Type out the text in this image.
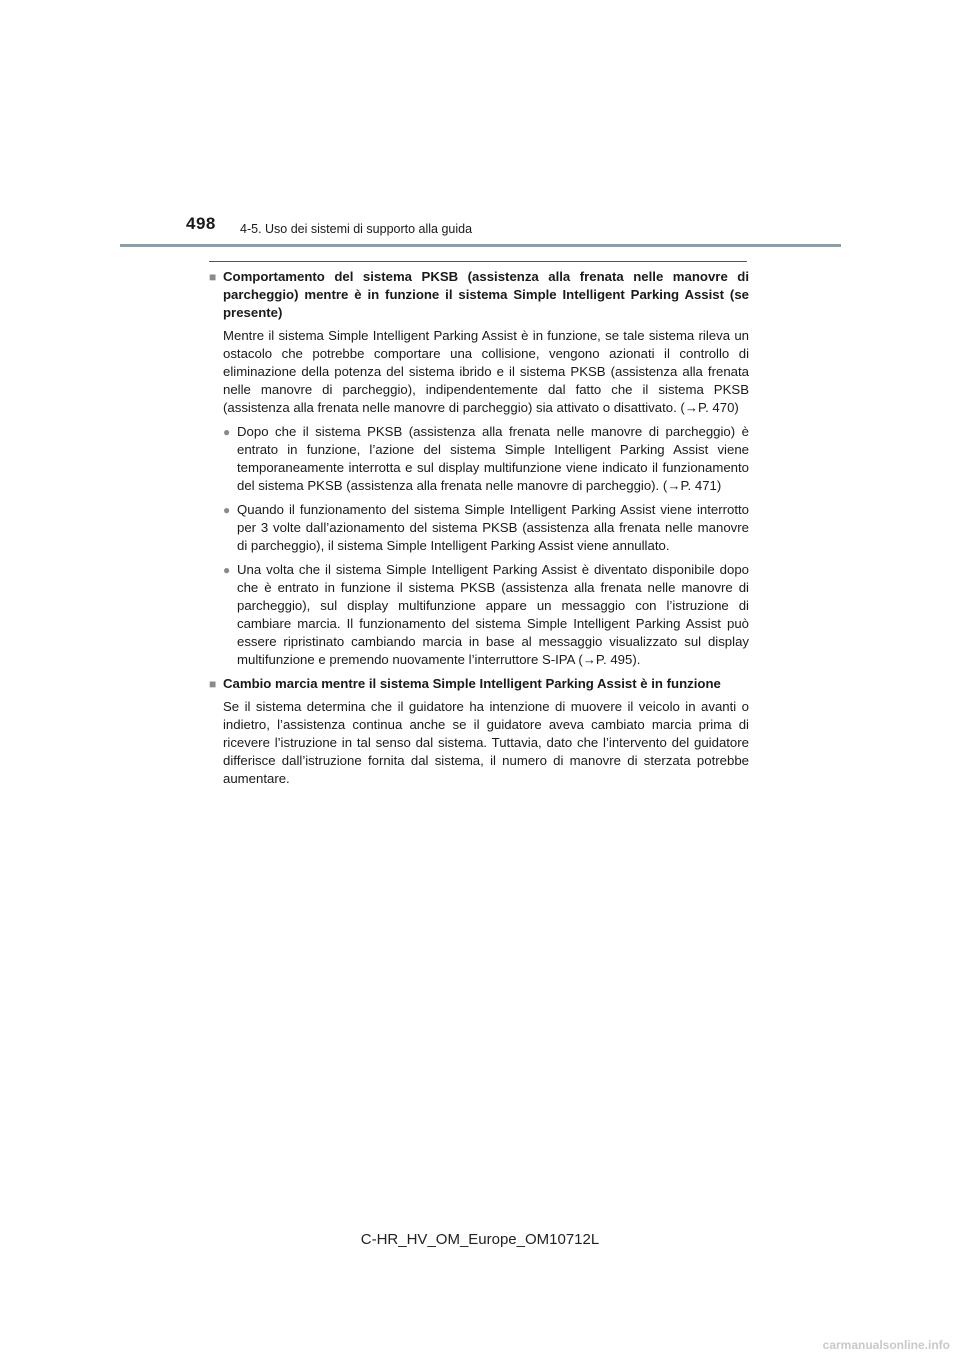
498 4-5. Uso dei sistemi di supporto alla guida
■ Comportamento del sistema PKSB (assistenza alla frenata nelle manovre di parcheggio) mentre è in funzione il sistema Simple Intelligent Parking Assist (se presente)
Mentre il sistema Simple Intelligent Parking Assist è in funzione, se tale sistema rileva un ostacolo che potrebbe comportare una collisione, vengono azionati il controllo di eliminazione della potenza del sistema ibrido e il sistema PKSB (assistenza alla frenata nelle manovre di parcheggio), indipendentemente dal fatto che il sistema PKSB (assistenza alla frenata nelle manovre di parcheggio) sia attivato o disattivato. (→P. 470)
● Dopo che il sistema PKSB (assistenza alla frenata nelle manovre di parcheggio) è entrato in funzione, l’azione del sistema Simple Intelligent Parking Assist viene temporaneamente interrotta e sul display multifunzione viene indicato il funzionamento del sistema PKSB (assistenza alla frenata nelle manovre di parcheggio). (→P. 471)
● Quando il funzionamento del sistema Simple Intelligent Parking Assist viene interrotto per 3 volte dall’azionamento del sistema PKSB (assistenza alla frenata nelle manovre di parcheggio), il sistema Simple Intelligent Parking Assist viene annullato.
● Una volta che il sistema Simple Intelligent Parking Assist è diventato disponibile dopo che è entrato in funzione il sistema PKSB (assistenza alla frenata nelle manovre di parcheggio), sul display multifunzione appare un messaggio con l’istruzione di cambiare marcia. Il funzionamento del sistema Simple Intelligent Parking Assist può essere ripristinato cambiando marcia in base al messaggio visualizzato sul display multifunzione e premendo nuovamente l’interruttore S-IPA (→P. 495).
■ Cambio marcia mentre il sistema Simple Intelligent Parking Assist è in funzione
Se il sistema determina che il guidatore ha intenzione di muovere il veicolo in avanti o indietro, l’assistenza continua anche se il guidatore aveva cambiato marcia prima di ricevere l’istruzione in tal senso dal sistema. Tuttavia, dato che l’intervento del guidatore differisce dall’istruzione fornita dal sistema, il numero di manovre di sterzata potrebbe aumentare.
C-HR_HV_OM_Europe_OM10712L
carmanualsonline.info
